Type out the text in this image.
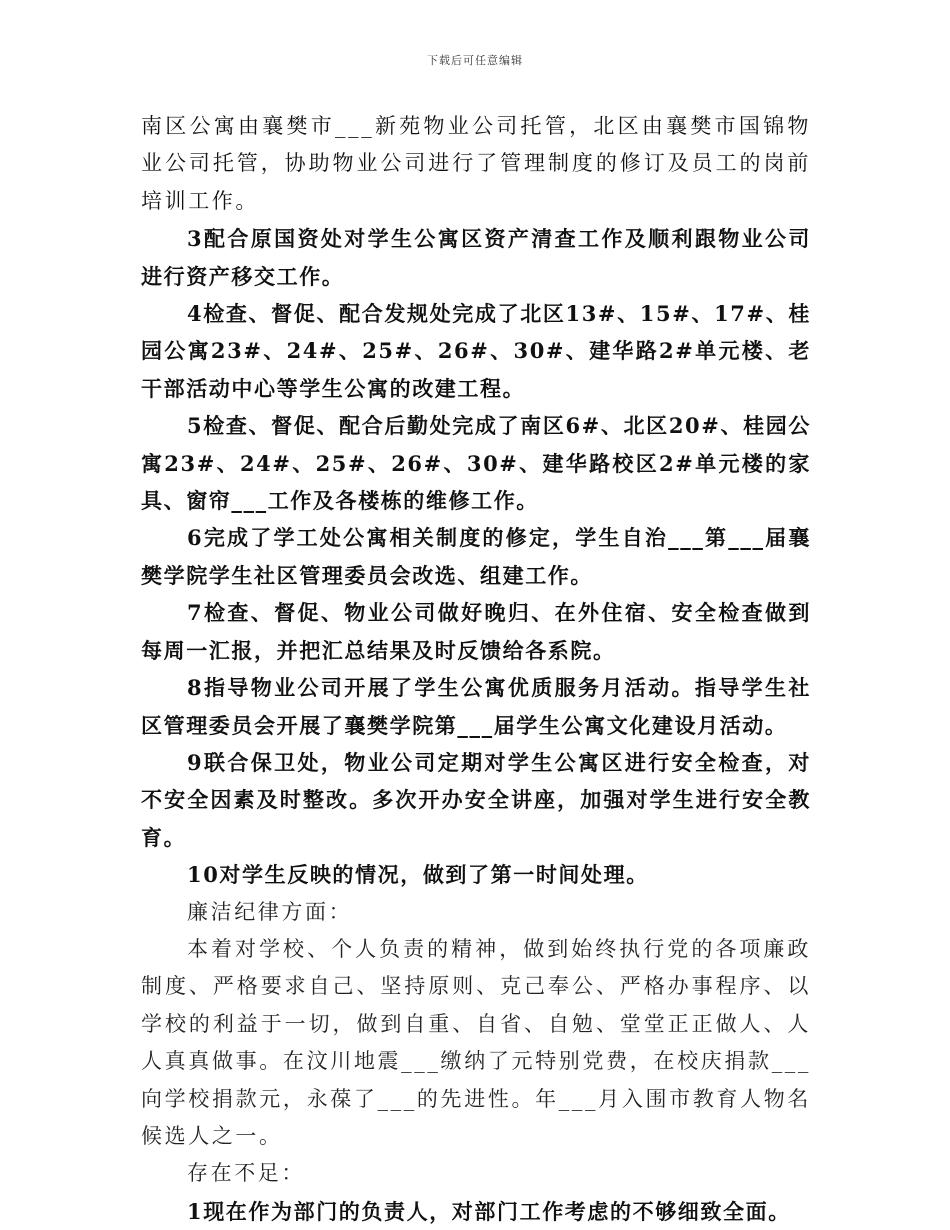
下载后可任意编辑

南区公寓由襄樊市___新苑物业公司托管，北区由襄樊市国锦物业公司托管，协助物业公司进行了管理制度的修订及员工的岗前培训工作。

3配合原国资处对学生公寓区资产清查工作及顺利跟物业公司进行资产移交工作。

4检查、督促、配合发规处完成了北区13#、15#、17#、桂园公寓23#、24#、25#、26#、30#、建华路2#单元楼、老干部活动中心等学生公寓的改建工程。

5检查、督促、配合后勤处完成了南区6#、北区20#、桂园公寓23#、24#、25#、26#、30#、建华路校区2#单元楼的家具、窗帘___工作及各楼栋的维修工作。

6完成了学工处公寓相关制度的修定，学生自治___第___届襄樊学院学生社区管理委员会改选、组建工作。

7检查、督促、物业公司做好晚归、在外住宿、安全检查做到每周一汇报，并把汇总结果及时反馈给各系院。

8指导物业公司开展了学生公寓优质服务月活动。指导学生社区管理委员会开展了襄樊学院第___届学生公寓文化建设月活动。

9联合保卫处，物业公司定期对学生公寓区进行安全检查，对不安全因素及时整改。多次开办安全讲座，加强对学生进行安全教育。

10对学生反映的情况，做到了第一时间处理。

廉洁纪律方面：

本着对学校、个人负责的精神，做到始终执行党的各项廉政制度、严格要求自己、坚持原则、克己奉公、严格办事程序、以学校的利益于一切，做到自重、自省、自勉、堂堂正正做人、人人真真做事。在汶川地震___缴纳了元特别党费，在校庆捐款___向学校捐款元，永葆了___的先进性。年___月入围市教育人物名候选人之一。

存在不足：

1现在作为部门的负责人，对部门工作考虑的不够细致全面。
